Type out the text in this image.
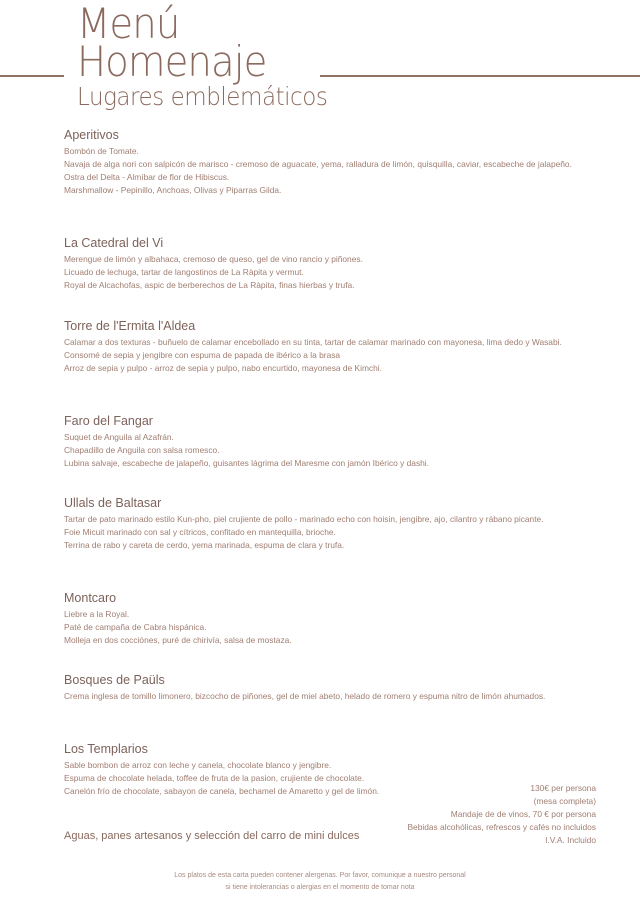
Menú
Homenaje
Lugares emblemáticos
Aperitivos

Bombón de Tomate.

Navaja de alga nori con salpicón de marisco - cremoso de aguacate, yema, ralladura de limón, quisquilla, caviar, escabeche de jalapeño.

Ostra del Delta - Almíbar de flor de Hibiscus.

Marshmallow - Pepinillo, Anchoas, Olivas y Piparras Gilda.

La Catedral del Vi

Merengue de limón y albahaca, cremoso de queso, gel de vino rancio y piñones.

Licuado de lechuga, tartar de langostinos de La Ràpita y vermut.

Royal de Alcachofas, aspic de berberechos de La Ràpita, finas hierbas y trufa.

Torre de l'Ermita l'Aldea

Calamar a dos texturas - buñuelo de calamar encebollado en su tinta, tartar de calamar marinado con mayonesa, lima dedo y Wasabi.

Consomé de sepia y jengibre con espuma de papada de ibérico a la brasa

Arroz de sepia y pulpo - arroz de sepia y pulpo, nabo encurtido, mayonesa de Kimchi.

Faro del Fangar

Suquet de Anguila al Azafrán.

Chapadillo de Anguila con salsa romesco.

Lubina salvaje, escabeche de jalapeño, guisantes lágrima del Maresme con jamón Ibérico y dashi.

Ullals de Baltasar

Tartar de pato marinado estilo Kun-pho, piel crujiente de pollo - marinado echo con hoisin, jengibre, ajo, cilantro y rábano picante.

Foie Micuit marinado con sal y cítricos, confitado en mantequilla, brioche.

Terrina de rabo y careta de cerdo, yema marinada, espuma de clara y trufa.

Montcaro

Liebre a la Royal.

Paté de campaña de Cabra hispánica.

Molleja en dos cocciónes, puré de chirivía, salsa de mostaza.

Bosques de Paüls

Crema inglesa de tomillo limonero, bizcocho de piñones, gel de miel abeto, helado de romero y espuma nitro de limón ahumados.

Los Templarios

Sable bombon de arroz con leche y canela, chocolate blanco y jengibre.

Espuma de chocolate helada, toffee de fruta de la pasion, crujiente de chocolate.

Canelón frío de chocolate, sabayon de canela, bechamel de Amaretto y gel de limón.

Aguas, panes artesanos y selección del carro de mini dulces
130€ per persona
(mesa completa)
Mandaje de de vinos, 70 € por persona
Bebidas alcohólicas, refrescos y cafés no incluidos
I.V.A. Incluido
Los platos de esta carta pueden contener alergenas. Por favor, comunique a nuestro personal
si tiene intolerancias o alergias en el momento de tomar nota
